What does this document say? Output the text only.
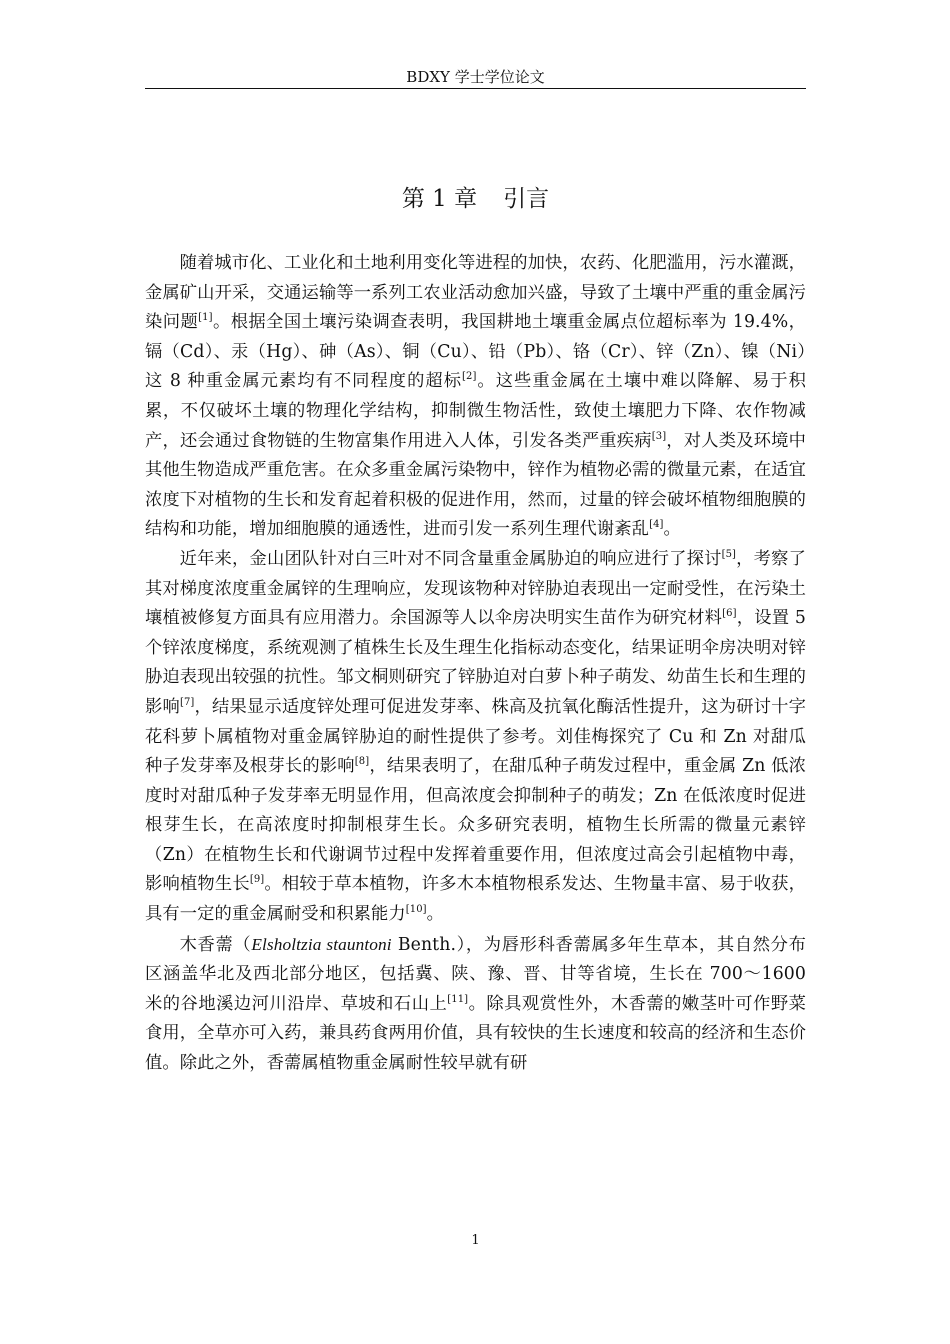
BDXY 学士学位论文
第 1 章 引言

随着城市化、工业化和土地利用变化等进程的加快，农药、化肥滥用，污水灌溉，金属矿山开采，交通运输等一系列工农业活动愈加兴盛，导致了土壤中严重的重金属污染问题[1]。根据全国土壤污染调查表明，我国耕地土壤重金属点位超标率为 19.4%，镉（Cd）、汞（Hg）、砷（As）、铜（Cu）、铅（Pb）、铬（Cr）、锌（Zn）、镍（Ni）这 8 种重金属元素均有不同程度的超标[2]。这些重金属在土壤中难以降解、易于积累，不仅破坏土壤的物理化学结构，抑制微生物活性，致使土壤肥力下降、农作物减产，还会通过食物链的生物富集作用进入人体，引发各类严重疾病[3]，对人类及环境中其他生物造成严重危害。在众多重金属污染物中，锌作为植物必需的微量元素，在适宜浓度下对植物的生长和发育起着积极的促进作用，然而，过量的锌会破坏植物细胞膜的结构和功能，增加细胞膜的通透性，进而引发一系列生理代谢紊乱[4]。

近年来，金山团队针对白三叶对不同含量重金属胁迫的响应进行了探讨[5]，考察了其对梯度浓度重金属锌的生理响应，发现该物种对锌胁迫表现出一定耐受性，在污染土壤植被修复方面具有应用潜力。余国源等人以伞房决明实生苗作为研究材料[6]，设置 5 个锌浓度梯度，系统观测了植株生长及生理生化指标动态变化，结果证明伞房决明对锌胁迫表现出较强的抗性。邹文桐则研究了锌胁迫对白萝卜种子萌发、幼苗生长和生理的影响[7]，结果显示适度锌处理可促进发芽率、株高及抗氧化酶活性提升，这为研讨十字花科萝卜属植物对重金属锌胁迫的耐性提供了参考。刘佳梅探究了 Cu 和 Zn 对甜瓜种子发芽率及根芽长的影响[8]，结果表明了，在甜瓜种子萌发过程中，重金属 Zn 低浓度时对甜瓜种子发芽率无明显作用，但高浓度会抑制种子的萌发；Zn 在低浓度时促进根芽生长，在高浓度时抑制根芽生长。众多研究表明，植物生长所需的微量元素锌（Zn）在植物生长和代谢调节过程中发挥着重要作用，但浓度过高会引起植物中毒，影响植物生长[9]。相较于草本植物，许多木本植物根系发达、生物量丰富、易于收获，具有一定的重金属耐受和积累能力[10]。

木香薷（Elsholtzia stauntoni Benth.），为唇形科香薷属多年生草本，其自然分布区涵盖华北及西北部分地区，包括冀、陕、豫、晋、甘等省境，生长在 700～1600 米的谷地溪边河川沿岸、草坡和石山上[11]。除具观赏性外，木香薷的嫩茎叶可作野菜食用，全草亦可入药，兼具药食两用价值，具有较快的生长速度和较高的经济和生态价值。除此之外，香薷属植物重金属耐性较早就有研

1
